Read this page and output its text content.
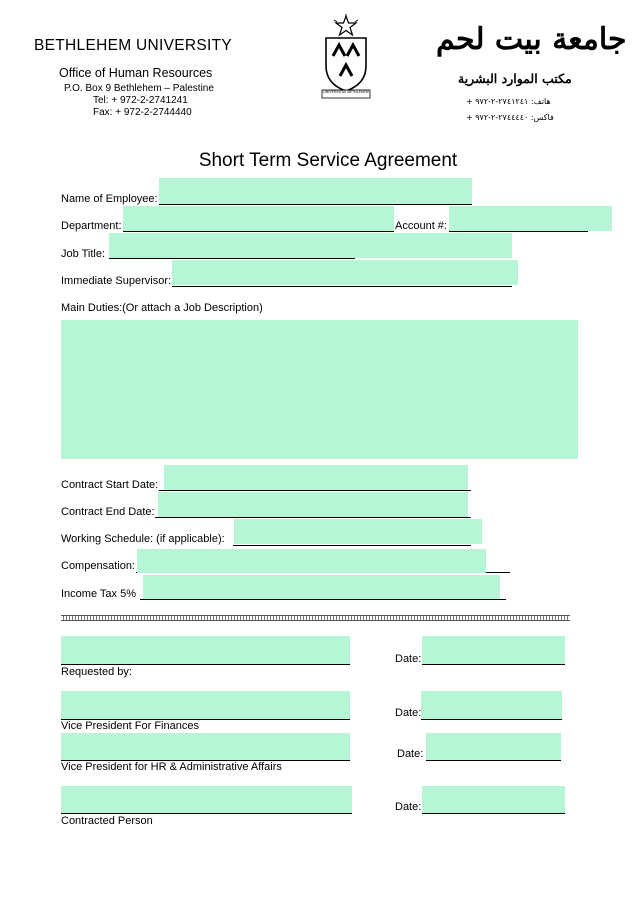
BETHLEHEM UNIVERSITY
Office of Human Resources
P.O. Box 9 Bethlehem – Palestine
Tel: + 972-2-2741241
Fax: + 972-2-2744440
UNIVERSITAS BETHLEHEM
جامعة بيت لحم
مكتب الموارد البشرية
هاتف: ٢٧٤١٢٤١-٢-٩٧٢ +
فاكس: ٢٧٤٤٤٤٠-٢-٩٧٢ +
Short Term Service Agreement
Name of Employee:
Department:	Account #:
Job Title:
Immediate Supervisor:
Main Duties:(Or attach a Job Description)
Contract Start Date:
Contract End Date:
Working Schedule: (if applicable):
Compensation:
Income Tax 5%
Requested by:
Date:
Vice President For Finances
Date:
Vice President for HR & Administrative Affairs
Date:
Contracted Person
Date:
